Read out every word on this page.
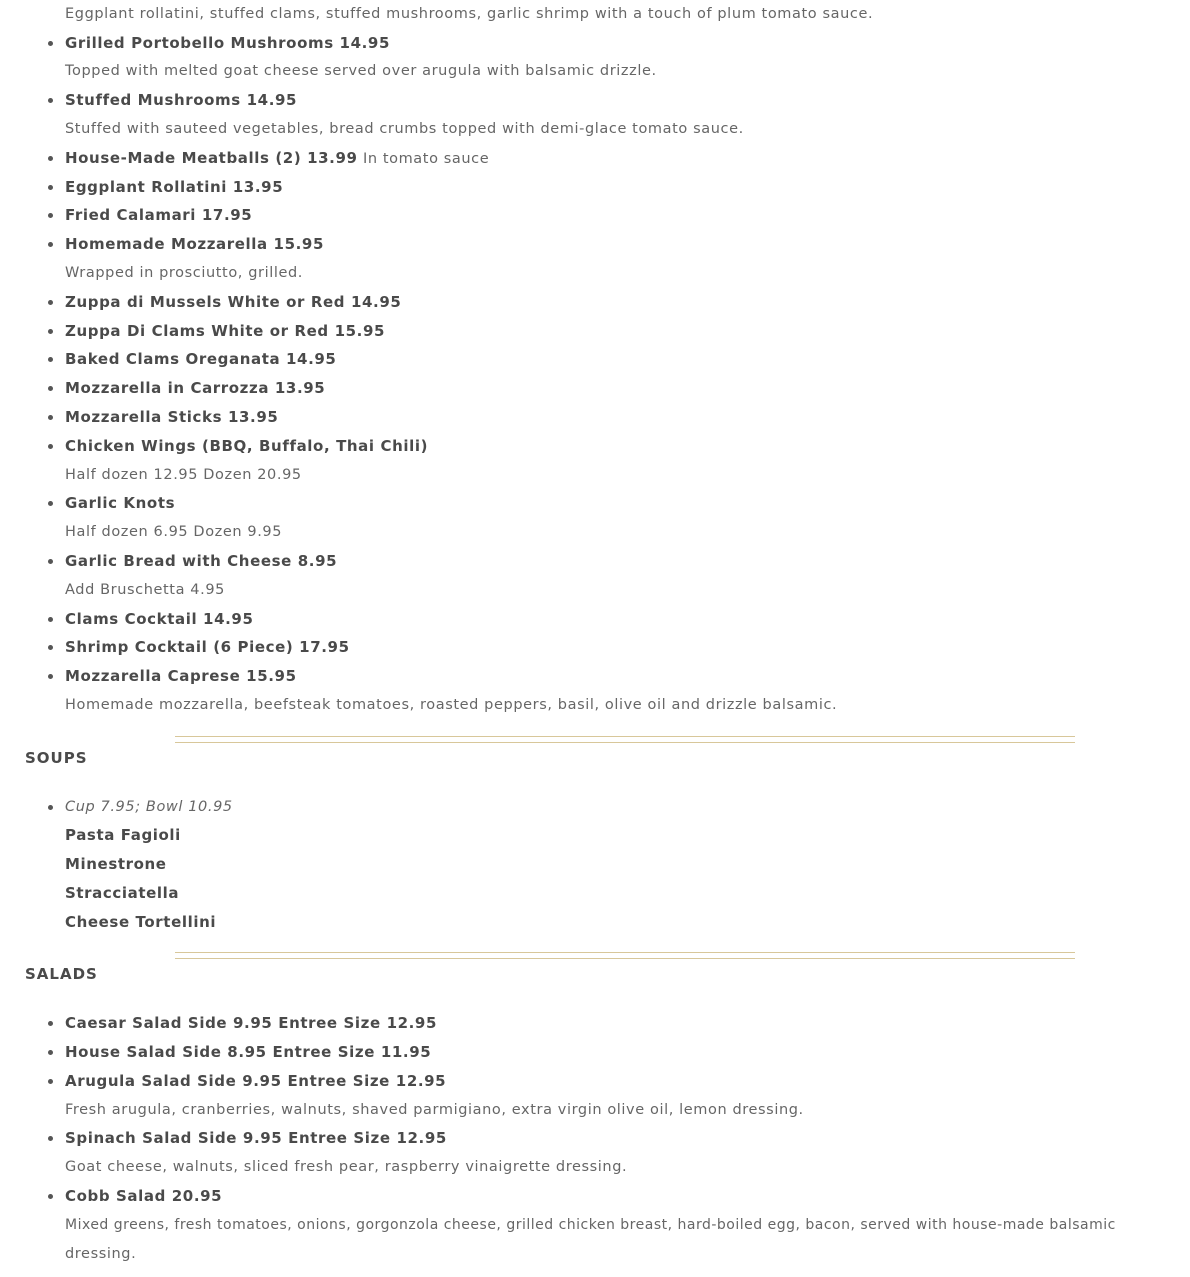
Eggplant rollatini, stuffed clams, stuffed mushrooms, garlic shrimp with a touch of plum tomato sauce.
Grilled Portobello Mushrooms 14.95
Topped with melted goat cheese served over arugula with balsamic drizzle.
Stuffed Mushrooms 14.95
Stuffed with sauteed vegetables, bread crumbs topped with demi-glace tomato sauce.
House-Made Meatballs (2) 13.99 In tomato sauce
Eggplant Rollatini 13.95
Fried Calamari 17.95
Homemade Mozzarella 15.95
Wrapped in prosciutto, grilled.
Zuppa di Mussels White or Red 14.95
Zuppa Di Clams White or Red 15.95
Baked Clams Oreganata 14.95
Mozzarella in Carrozza 13.95
Mozzarella Sticks 13.95
Chicken Wings (BBQ, Buffalo, Thai Chili)
Half dozen 12.95 Dozen 20.95
Garlic Knots
Half dozen 6.95 Dozen 9.95
Garlic Bread with Cheese 8.95
Add Bruschetta 4.95
Clams Cocktail 14.95
Shrimp Cocktail (6 Piece) 17.95
Mozzarella Caprese 15.95
Homemade mozzarella, beefsteak tomatoes, roasted peppers, basil, olive oil and drizzle balsamic.
SOUPS
Cup 7.95; Bowl 10.95
Pasta Fagioli
Minestrone
Stracciatella
Cheese Tortellini
SALADS
Caesar Salad Side 9.95 Entree Size 12.95
House Salad Side 8.95 Entree Size 11.95
Arugula Salad Side 9.95 Entree Size 12.95
Fresh arugula, cranberries, walnuts, shaved parmigiano, extra virgin olive oil, lemon dressing.
Spinach Salad Side 9.95 Entree Size 12.95
Goat cheese, walnuts, sliced fresh pear, raspberry vinaigrette dressing.
Cobb Salad 20.95
Mixed greens, fresh tomatoes, onions, gorgonzola cheese, grilled chicken breast, hard-boiled egg, bacon, served with house-made balsamic
dressing.
